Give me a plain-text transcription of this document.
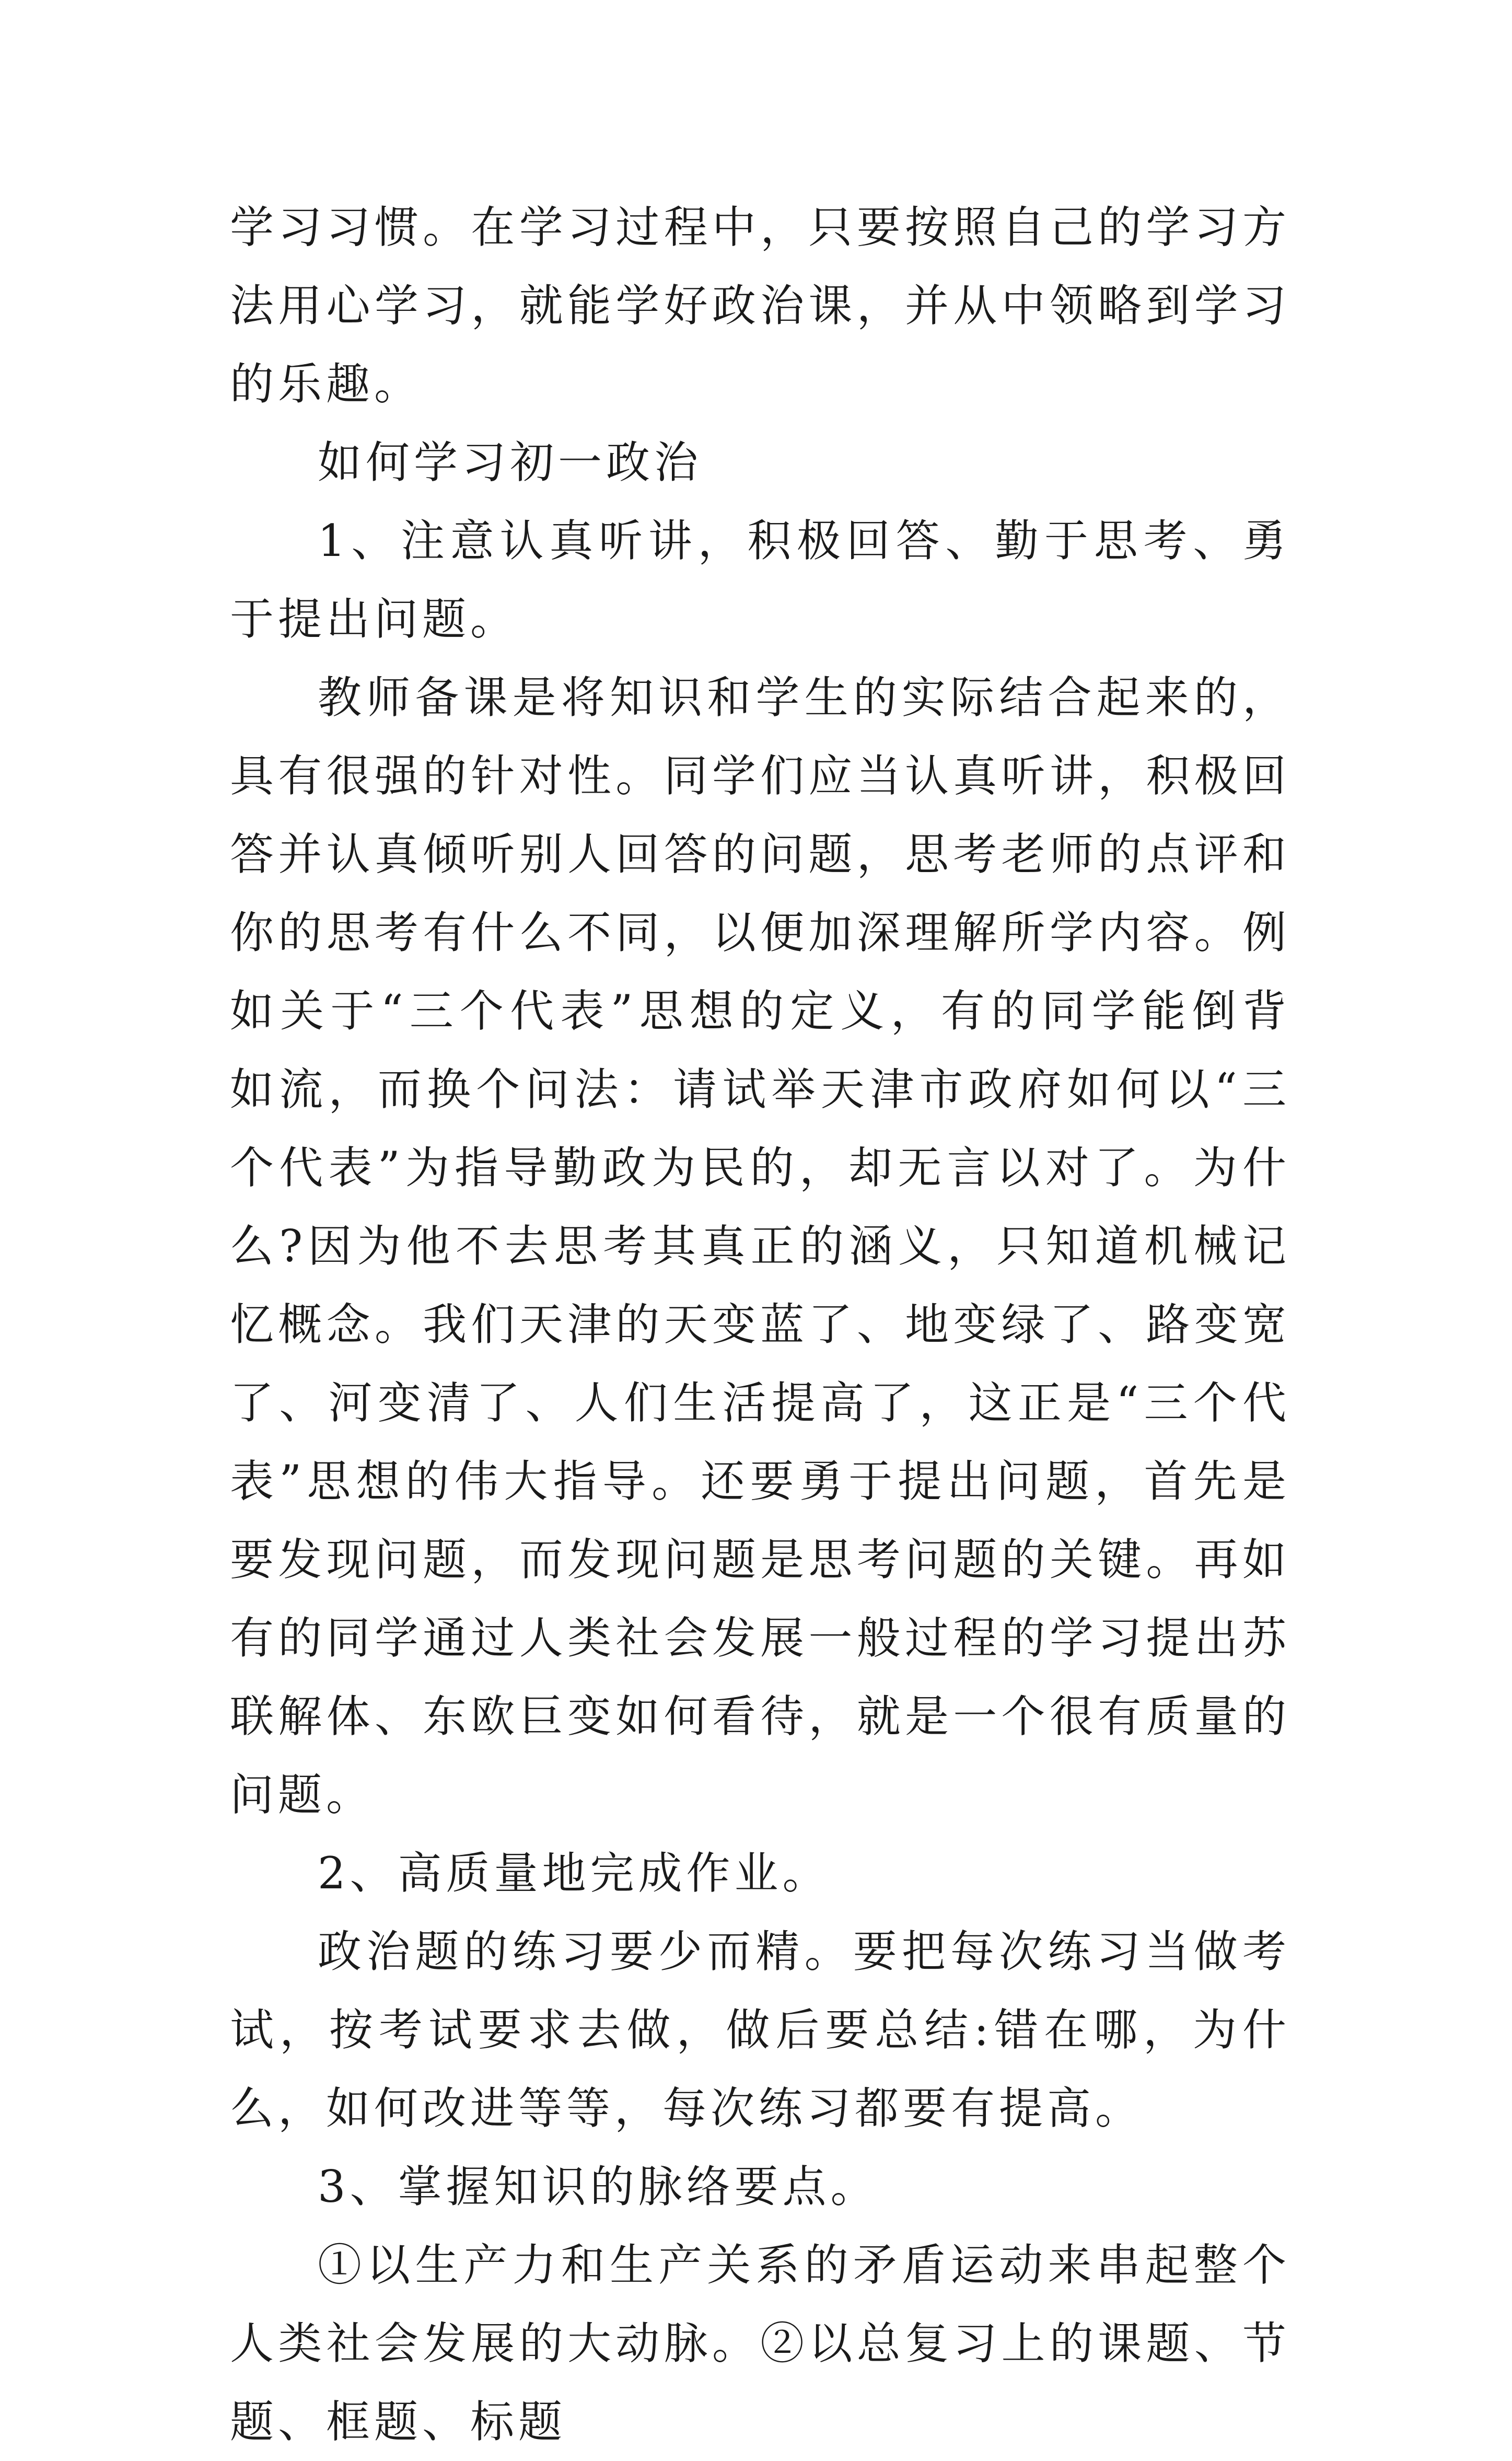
学习习惯。在学习过程中，只要按照自己的学习方法用心学习，就能学好政治课，并从中领略到学习的乐趣。

如何学习初一政治

1、注意认真听讲，积极回答、勤于思考、勇于提出问题。

教师备课是将知识和学生的实际结合起来的，具有很强的针对性。同学们应当认真听讲，积极回答并认真倾听别人回答的问题，思考老师的点评和你的思考有什么不同，以便加深理解所学内容。例如关于“三个代表”思想的定义，有的同学能倒背如流，而换个问法：请试举天津市政府如何以“三个代表”为指导勤政为民的，却无言以对了。为什么?因为他不去思考其真正的涵义，只知道机械记忆概念。我们天津的天变蓝了、地变绿了、路变宽了、河变清了、人们生活提高了，这正是“三个代表”思想的伟大指导。还要勇于提出问题，首先是要发现问题，而发现问题是思考问题的关键。再如有的同学通过人类社会发展一般过程的学习提出苏联解体、东欧巨变如何看待，就是一个很有质量的问题。

2、高质量地完成作业。

政治题的练习要少而精。要把每次练习当做考试，按考试要求去做，做后要总结:错在哪，为什么，如何改进等等，每次练习都要有提高。

3、掌握知识的脉络要点。

①以生产力和生产关系的矛盾运动来串起整个人类社会发展的大动脉。②以总复习上的课题、节题、框题、标题
